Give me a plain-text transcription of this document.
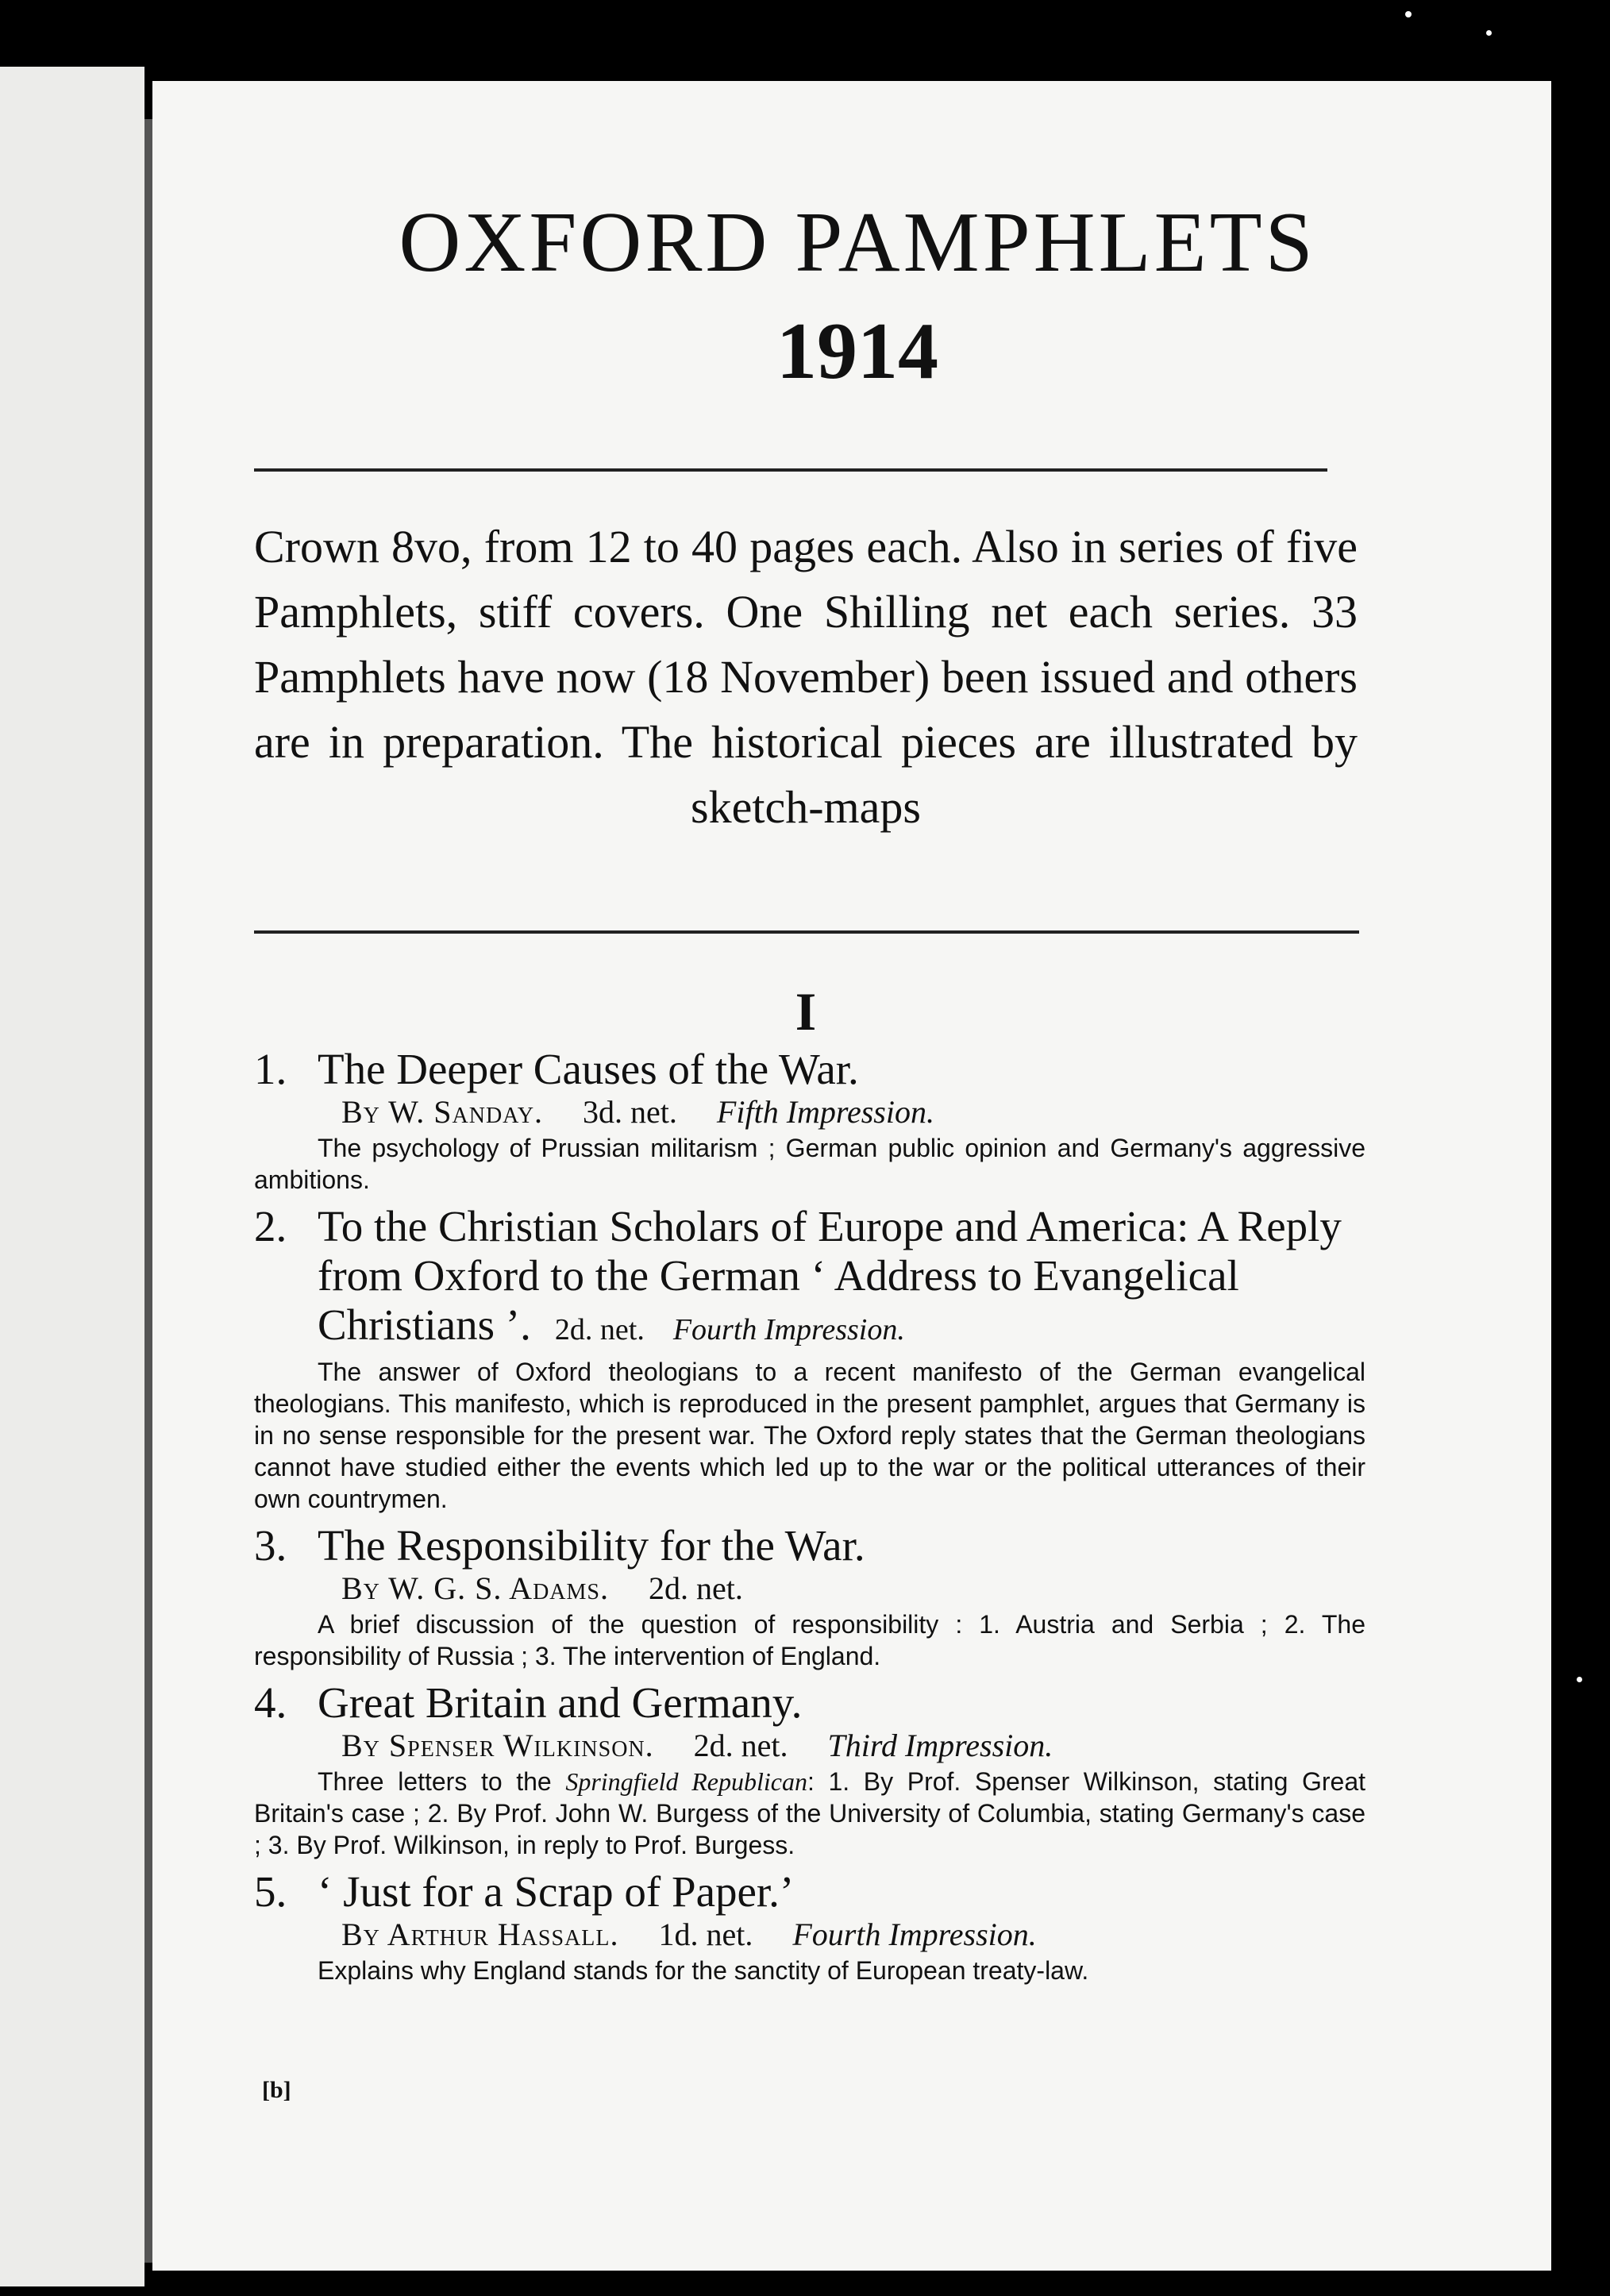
OXFORD PAMPHLETS
1914
Crown 8vo, from 12 to 40 pages each. Also in series of five Pamphlets, stiff covers. One Shilling net each series. 33 Pamphlets have now (18 November) been issued and others are in preparation. The historical pieces are illustrated by sketch-maps
I
1. The Deeper Causes of the War.
By W. Sanday. 3d. net. Fifth Impression.
The psychology of Prussian militarism ; German public opinion and Germany's aggressive ambitions.
2. To the Christian Scholars of Europe and America: A Reply from Oxford to the German ‘ Address to Evangelical Christians ’. 2d. net. Fourth Impression.
The answer of Oxford theologians to a recent manifesto of the German evangelical theologians. This manifesto, which is reproduced in the present pamphlet, argues that Germany is in no sense responsible for the present war. The Oxford reply states that the German theologians cannot have studied either the events which led up to the war or the political utterances of their own countrymen.
3. The Responsibility for the War.
By W. G. S. Adams. 2d. net.
A brief discussion of the question of responsibility : 1. Austria and Serbia ; 2. The responsibility of Russia ; 3. The intervention of England.
4. Great Britain and Germany.
By Spenser Wilkinson. 2d. net. Third Impression.
Three letters to the Springfield Republican: 1. By Prof. Spenser Wilkinson, stating Great Britain's case ; 2. By Prof. John W. Burgess of the University of Columbia, stating Germany's case ; 3. By Prof. Wilkinson, in reply to Prof. Burgess.
5. ‘ Just for a Scrap of Paper.’
By Arthur Hassall. 1d. net. Fourth Impression.
Explains why England stands for the sanctity of European treaty-law.
[b]
